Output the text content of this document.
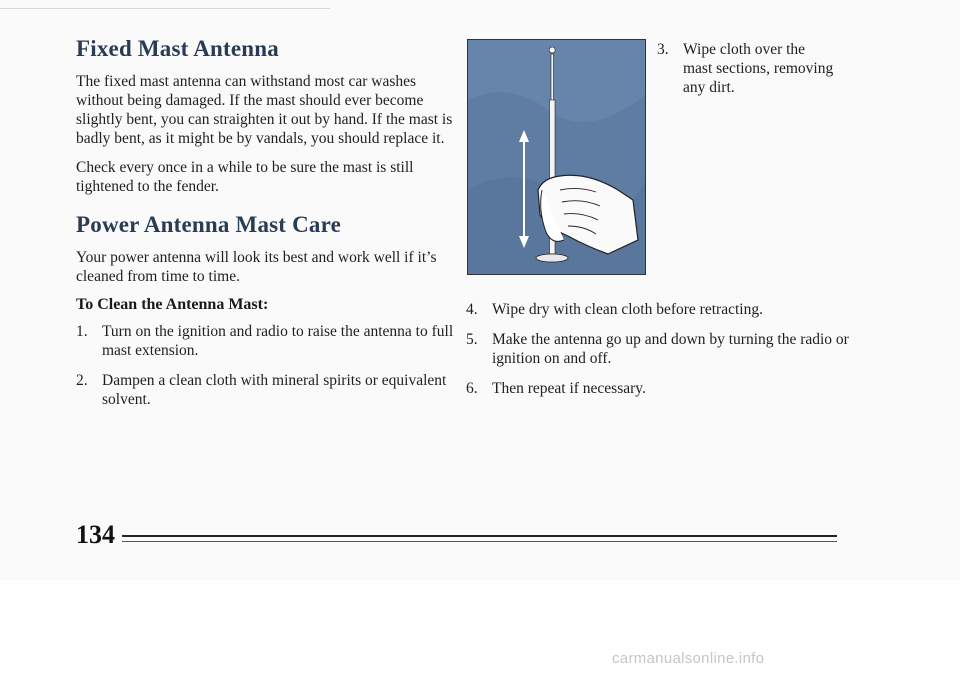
Fixed Mast Antenna

The fixed mast antenna can withstand most car washes without being damaged. If the mast should ever become slightly bent, you can straighten it out by hand. If the mast is badly bent, as it might be by vandals, you should replace it.

Check every once in a while to be sure the mast is still tightened to the fender.

Power Antenna Mast Care

Your power antenna will look its best and work well if it’s cleaned from time to time.

To Clean the Antenna Mast:
1. Turn on the ignition and radio to raise the antenna to full mast extension.
2. Dampen a clean cloth with mineral spirits or equivalent solvent.
3. Wipe cloth over the mast sections, removing any dirt.
4. Wipe dry with clean cloth before retracting.
5. Make the antenna go up and down by turning the radio or ignition on and off.
6. Then repeat if necessary.
134
carmanualsonline.info
